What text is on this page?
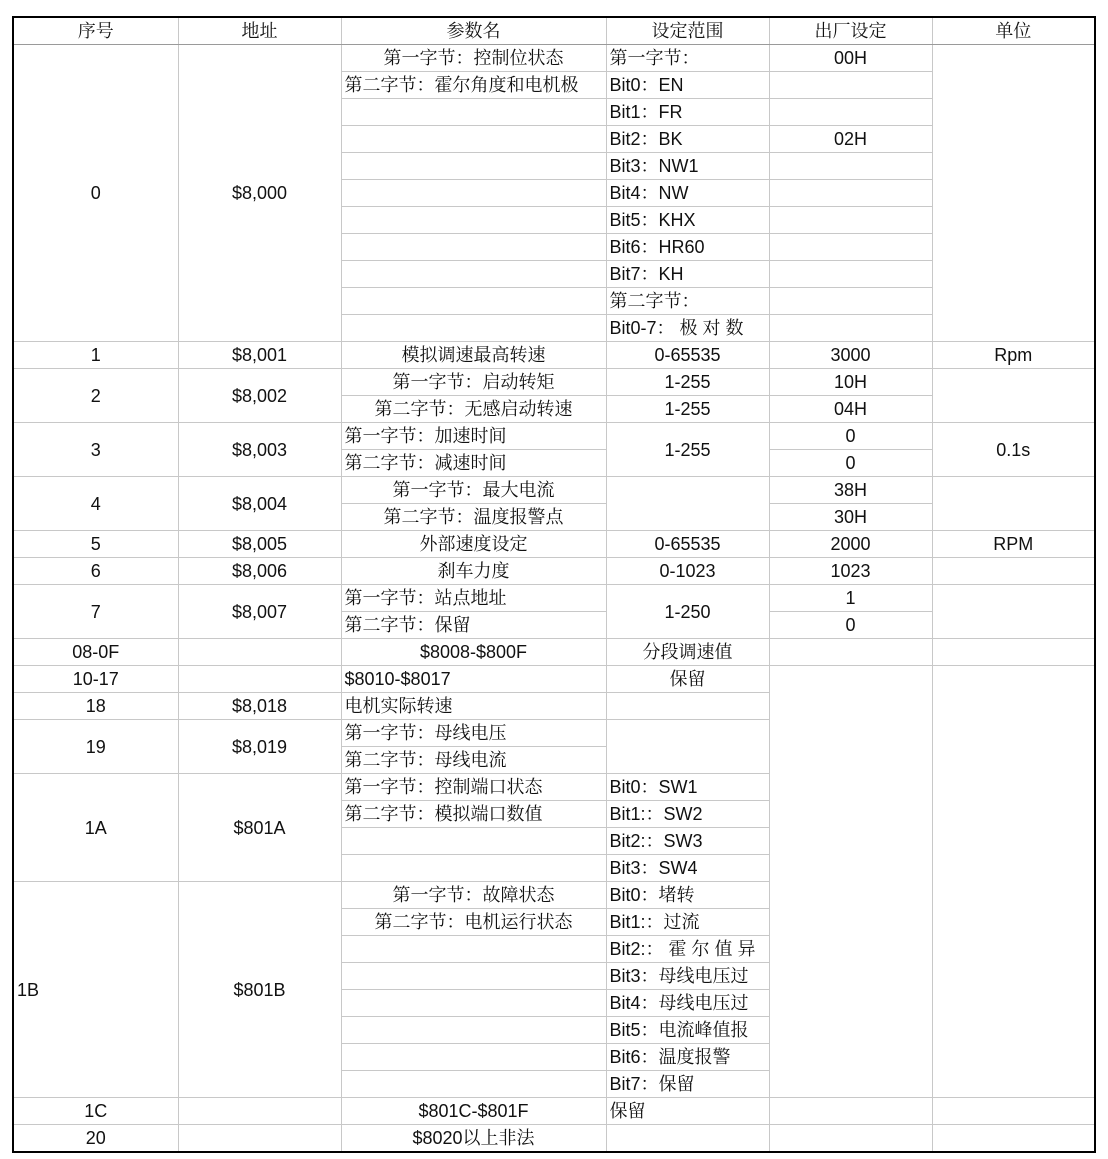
序号	地址	参数名	设定范围	出厂设定	单位
0	$8,000	第一字节：控制位状态	第一字节：	00H	
		第二字节：霍尔角度和电机极	Bit0：EN		
			Bit1：FR		
			Bit2：BK	02H	
			Bit3：NW1		
			Bit4：NW		
			Bit5：KHX		
			Bit6：HR60		
			Bit7：KH		
			第二字节：		
			Bit0-7： 极 对 数		
1	$8,001	模拟调速最高转速	0-65535	3000	Rpm
2	$8,002	第一字节：启动转矩	1-255	10H	
		第二字节：无感启动转速	1-255	04H	
3	$8,003	第一字节：加速时间	1-255	0	0.1s
		第二字节：减速时间		0	
4	$8,004	第一字节：最大电流		38H	
		第二字节：温度报警点		30H	
5	$8,005	外部速度设定	0-65535	2000	RPM
6	$8,006	刹车力度	0-1023	1023	
7	$8,007	第一字节：站点地址	1-250	1	
		第二字节：保留		0	
08-0F		$8008-$800F	分段调速值		
10-17		$8010-$8017	保留		
18	$8,018	电机实际转速			
19	$8,019	第一字节：母线电压			
		第二字节：母线电流			
1A	$801A	第一字节：控制端口状态	Bit0：SW1		
		第二字节：模拟端口数值	Bit1:：SW2		
			Bit2:：SW3		
			Bit3：SW4		
1B	$801B	第一字节：故障状态	Bit0：堵转		
		第二字节：电机运行状态	Bit1:：过流		
			Bit2:： 霍 尔 值 异		
			Bit3：母线电压过		
			Bit4：母线电压过		
			Bit5：电流峰值报		
			Bit6：温度报警		
			Bit7：保留		
1C		$801C-$801F	保留		
20		$8020以上非法			
